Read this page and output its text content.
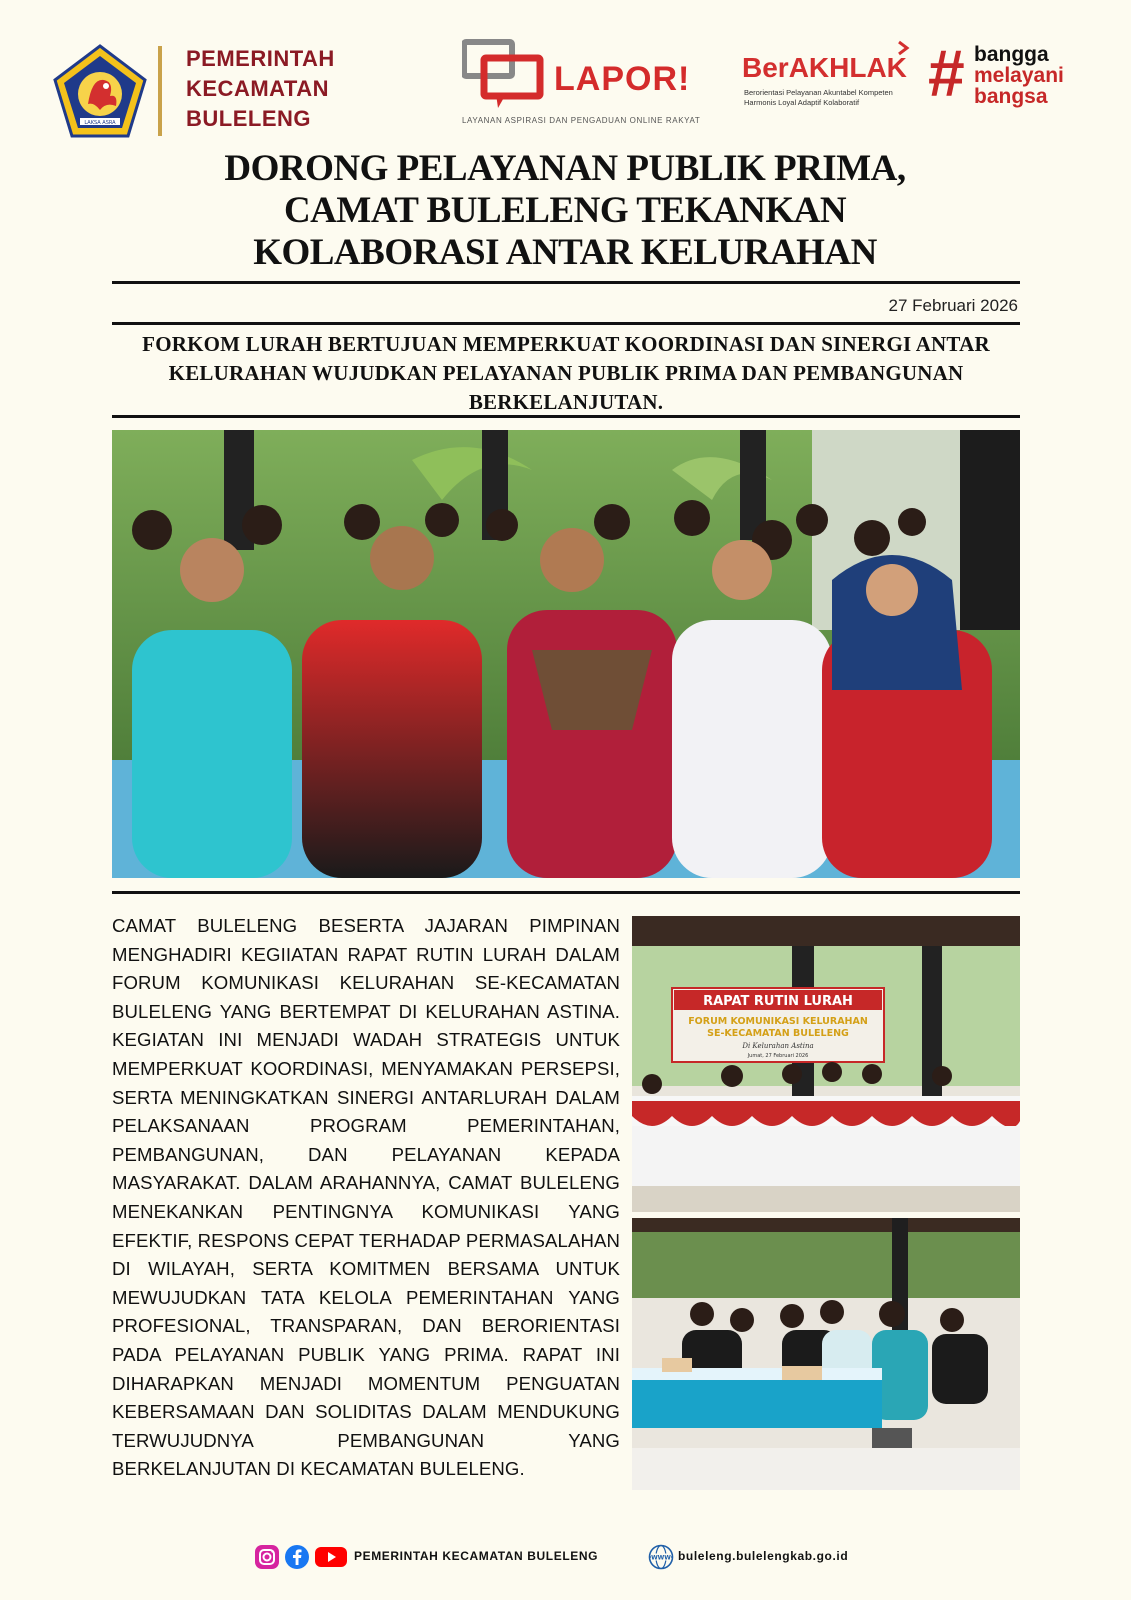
LAKSA ASRA
PEMERINTAH
KECAMATAN
BULELENG
LAPOR!
LAYANAN ASPIRASI DAN PENGADUAN ONLINE RAKYAT
BerAKHLAK
Berorientasi Pelayanan Akuntabel Kompeten
Harmonis Loyal Adaptif Kolaboratif	# bangga
melayani
bangsa
DORONG PELAYANAN PUBLIK PRIMA,
CAMAT BULELENG TEKANKAN
KOLABORASI ANTAR KELURAHAN
27 Februari 2026
FORKOM LURAH BERTUJUAN MEMPERKUAT KOORDINASI DAN SINERGI ANTAR
KELURAHAN WUJUDKAN PELAYANAN PUBLIK PRIMA DAN PEMBANGUNAN
BERKELANJUTAN.
CAMAT BULELENG BESERTA JAJARAN PIMPINAN MENGHADIRI KEGIIATAN RAPAT RUTIN LURAH DALAM FORUM KOMUNIKASI KELURAHAN SE-KECAMATAN BULELENG YANG BERTEMPAT DI KELURAHAN ASTINA. KEGIATAN INI MENJADI WADAH STRATEGIS UNTUK MEMPERKUAT KOORDINASI, MENYAMAKAN PERSEPSI, SERTA MENINGKATKAN SINERGI ANTARLURAH DALAM PELAKSANAAN PROGRAM PEMERINTAHAN, PEMBANGUNAN, DAN PELAYANAN KEPADA MASYARAKAT. DALAM ARAHANNYA, CAMAT BULELENG MENEKANKAN PENTINGNYA KOMUNIKASI YANG EFEKTIF, RESPONS CEPAT TERHADAP PERMASALAHAN DI WILAYAH, SERTA KOMITMEN BERSAMA UNTUK MEWUJUDKAN TATA KELOLA PEMERINTAHAN YANG PROFESIONAL, TRANSPARAN, DAN BERORIENTASI PADA PELAYANAN PUBLIK YANG PRIMA. RAPAT INI DIHARAPKAN MENJADI MOMENTUM PENGUATAN KEBERSAMAAN DAN SOLIDITAS DALAM MENDUKUNG TERWUJUDNYA PEMBANGUNAN YANG BERKELANJUTAN DI KECAMATAN BULELENG.
RAPAT RUTIN LURAH
FORUM KOMUNIKASI KELURAHAN
SE-KECAMATAN BULELENG
Di Kelurahan Astina
Jumat, 27 Februari 2026
PEMERINTAH KECAMATAN BULELENG	WWW buleleng.bulelengkab.go.id
